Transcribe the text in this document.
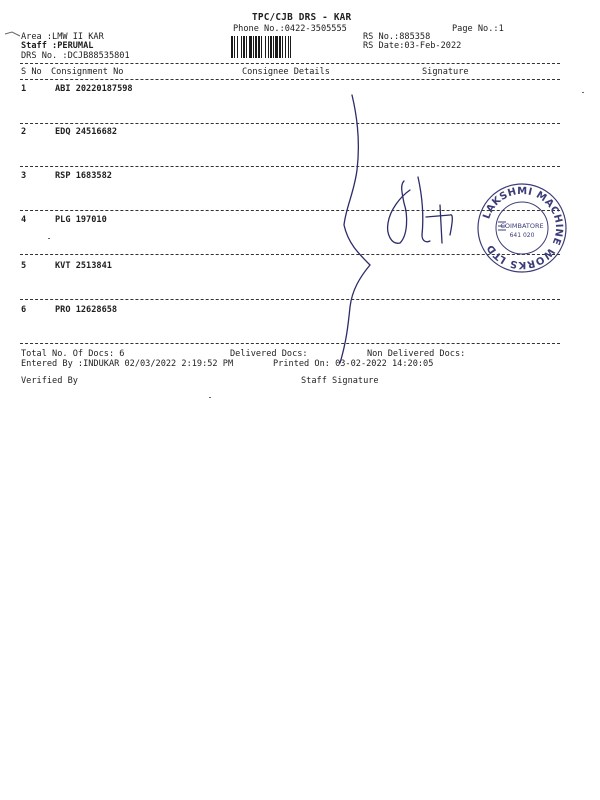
TPC/CJB DRS - KAR
Phone No.:0422-3505555	Page No.:1
Area :LMW II KAR
Staff :PERUMAL
DRS No. :DCJB88535801
RS No.:885358
RS Date:03-Feb-2022
S No Consignment No	Consignee Details	Signature
1	ABI 20220187598
2	EDQ 24516682
3	RSP 1683582
4	PLG 197010
5	KVT 2513841
6	PRO 12628658
Total No. Of Docs: 6	Delivered Docs:	Non Delivered Docs:
Entered By :INDUKAR 02/03/2022 2:19:52 PM	Printed On: 03-02-2022 14:20:05
Verified By	Staff Signature
LAKSHMI MACHINE WORKS LTD
COIMBATORE
641 020
